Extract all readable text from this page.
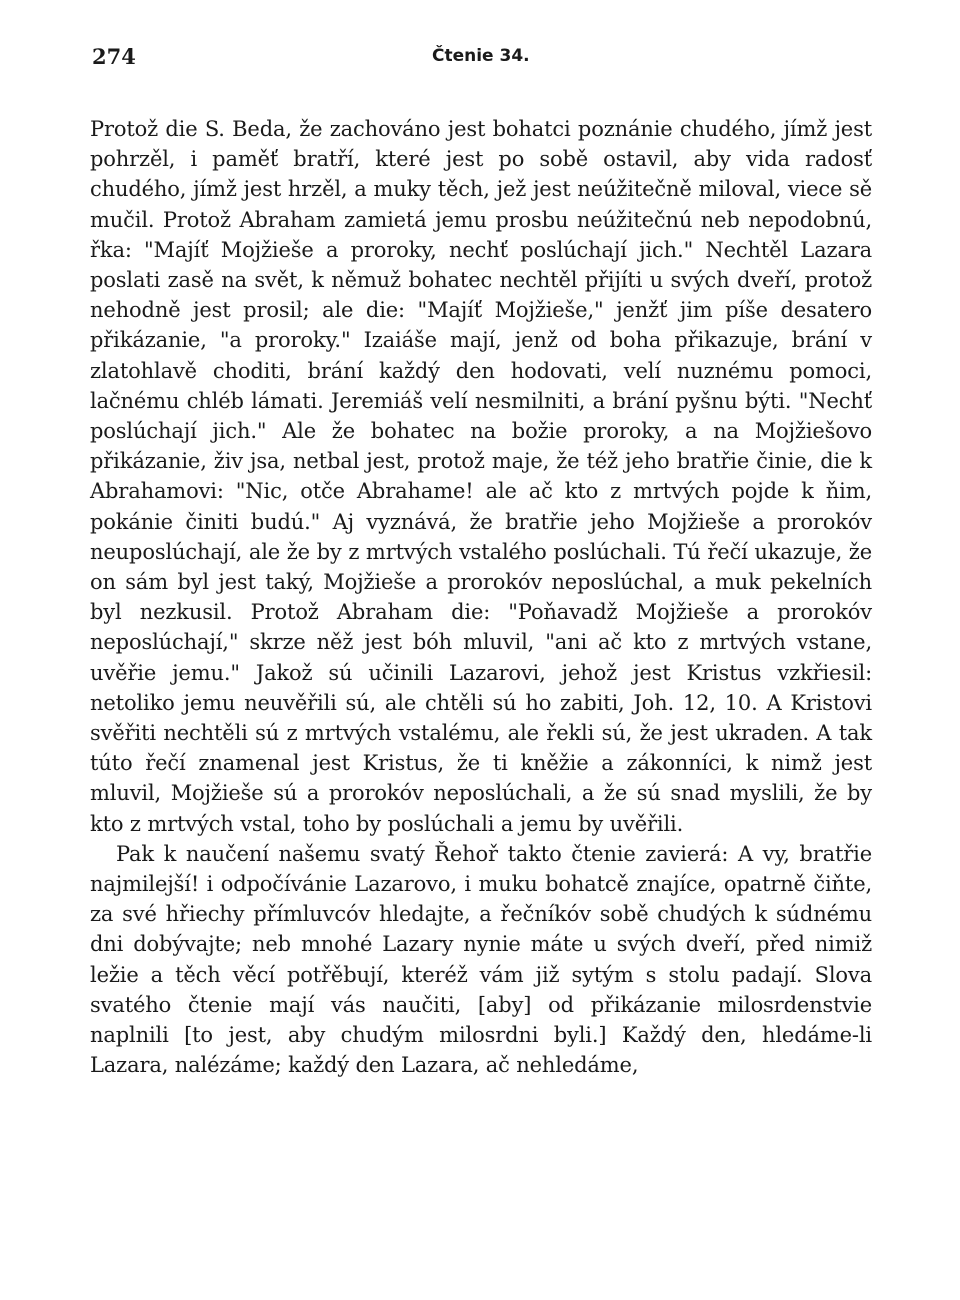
274	Čtenie 34.

Protož die S. Beda, že zachováno jest bohatci poznánie chudého, jímž jest pohrzěl, i paměť bratří, které jest po sobě ostavil, aby vida radosť chudého, jímž jest hrzěl, a muky těch, jež jest neúžitečně miloval, viece sě mučil. Protož Abraham zamietá jemu prosbu neúžitečnú neb nepodobnú, řka: "Majíť Mojžieše a proroky, nechť poslúchají jich." Nechtěl Lazara poslati zasě na svět, k němuž bohatec nechtěl přijíti u svých dveří, protož nehodně jest prosil; ale die: "Majíť Mojžieše," jenžť jim píše desatero přikázanie, "a proroky." Izaiáše mají, jenž od boha přikazuje, brání v zlatohlavě choditi, brání každý den hodovati, velí nuznému pomoci, lačnému chléb lámati. Jeremiáš velí nesmilniti, a brání pyšnu býti. "Nechť poslúchají jich." Ale že bohatec na božie proroky, a na Mojžiešovo přikázanie, živ jsa, netbal jest, protož maje, že též jeho bratřie činie, die k Abrahamovi: "Nic, otče Abrahame! ale ač kto z mrtvých pojde k ňim, pokánie činiti budú." Aj vyznává, že bratřie jeho Mojžieše a prorokóv neuposlúchají, ale že by z mrtvých vstalého poslúchali. Tú řečí ukazuje, že on sám byl jest taký, Mojžieše a prorokóv neposlúchal, a muk pekelních byl nezkusil. Protož Abraham die: "Poňavadž Mojžieše a prorokóv neposlúchají," skrze něž jest bóh mluvil, "ani ač kto z mrtvých vstane, uvěřie jemu." Jakož sú učinili Lazarovi, jehož jest Kristus vzkřiesil: netoliko jemu neuvěřili sú, ale chtěli sú ho zabiti, Joh. 12, 10. A Kristovi svěřiti nechtěli sú z mrtvých vstalému, ale řekli sú, že jest ukraden. A tak túto řečí znamenal jest Kristus, že ti kněžie a zákonníci, k nimž jest mluvil, Mojžieše sú a prorokóv neposlúchali, a že sú snad myslili, že by kto z mrtvých vstal, toho by poslúchali a jemu by uvěřili.

Pak k naučení našemu svatý Řehoř takto čtenie zavierá: A vy, bratřie najmilejší! i odpočívánie Lazarovo, i muku bohatcě znajíce, opatrně čiňte, za své hřiechy přímluvcóv hledajte, a řečníkóv sobě chudých k súdnému dni dobývajte; neb mnohé Lazary nynie máte u svých dveří, před nimiž ležie a těch věcí potřěbují, kteréž vám již sytým s stolu padají. Slova svatého čtenie mají vás naučiti, [aby] od přikázanie milosrdenstvie naplnili [to jest, aby chudým milosrdni byli.] Každý den, hledáme-li Lazara, nalézáme; každý den Lazara, ač nehledáme,
